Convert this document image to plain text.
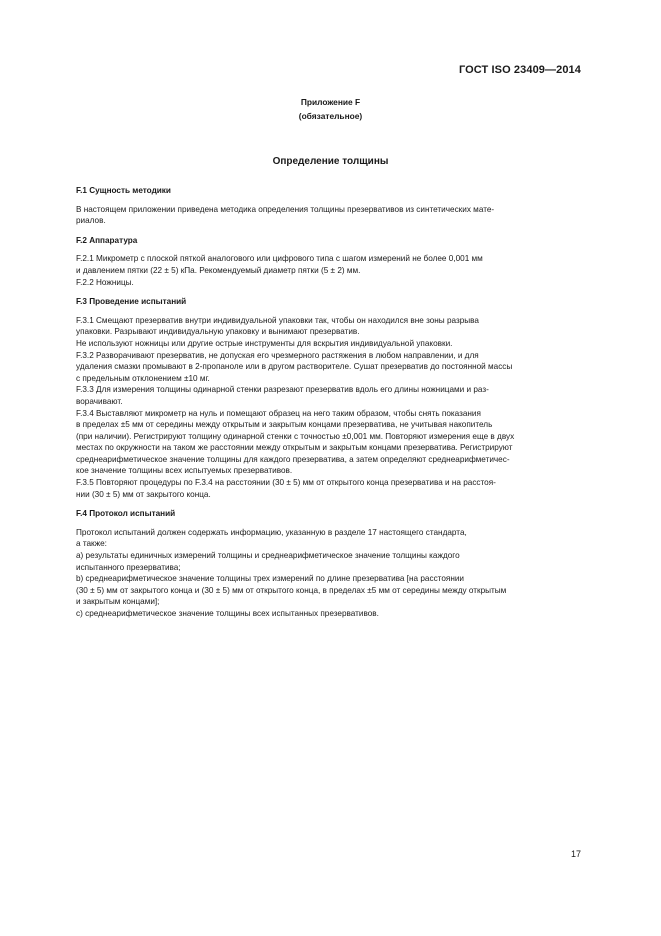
ГОСТ ISO 23409—2014
Приложение F
(обязательное)
Определение толщины

F.1 Сущность методики

В настоящем приложении приведена методика определения толщины презервативов из синтетических мате-

риалов.

F.2 Аппаратура

F.2.1 Микрометр с плоской пяткой аналогового или цифрового типа с шагом измерений не более 0,001 мм

и давлением пятки (22 ± 5) кПа. Рекомендуемый диаметр пятки (5 ± 2) мм.

F.2.2 Ножницы.

F.3 Проведение испытаний

F.3.1 Смещают презерватив внутри индивидуальной упаковки так, чтобы он находился вне зоны разрыва

упаковки. Разрывают индивидуальную упаковку и вынимают презерватив.

Не используют ножницы или другие острые инструменты для вскрытия индивидуальной упаковки.

F.3.2 Разворачивают презерватив, не допуская его чрезмерного растяжения в любом направлении, и для

удаления смазки промывают в 2-пропаноле или в другом растворителе. Сушат презерватив до постоянной массы

с предельным отклонением ±10 мг.

F.3.3 Для измерения толщины одинарной стенки разрезают презерватив вдоль его длины ножницами и раз-

ворачивают.

F.3.4 Выставляют микрометр на нуль и помещают образец на него таким образом, чтобы снять показания

в пределах ±5 мм от середины между открытым и закрытым концами презерватива, не учитывая накопитель

(при наличии). Регистрируют толщину одинарной стенки с точностью ±0,001 мм. Повторяют измерения еще в двух

местах по окружности на таком же расстоянии между открытым и закрытым концами презерватива. Регистрируют

среднеарифметическое значение толщины для каждого презерватива, а затем определяют среднеарифметичес-

кое значение толщины всех испытуемых презервативов.

F.3.5 Повторяют процедуры по F.3.4 на расстоянии (30 ± 5) мм от открытого конца презерватива и на расстоя-

нии (30 ± 5) мм от закрытого конца.

F.4 Протокол испытаний

Протокол испытаний должен содержать информацию, указанную в разделе 17 настоящего стандарта,

а также:

a) результаты единичных измерений толщины и среднеарифметическое значение толщины каждого

испытанного презерватива;

b) среднеарифметическое значение толщины трех измерений по длине презерватива [на расстоянии

(30 ± 5) мм от закрытого конца и (30 ± 5) мм от открытого конца, в пределах ±5 мм от середины между открытым

и закрытым концами];

c) среднеарифметическое значение толщины всех испытанных презервативов.

17
